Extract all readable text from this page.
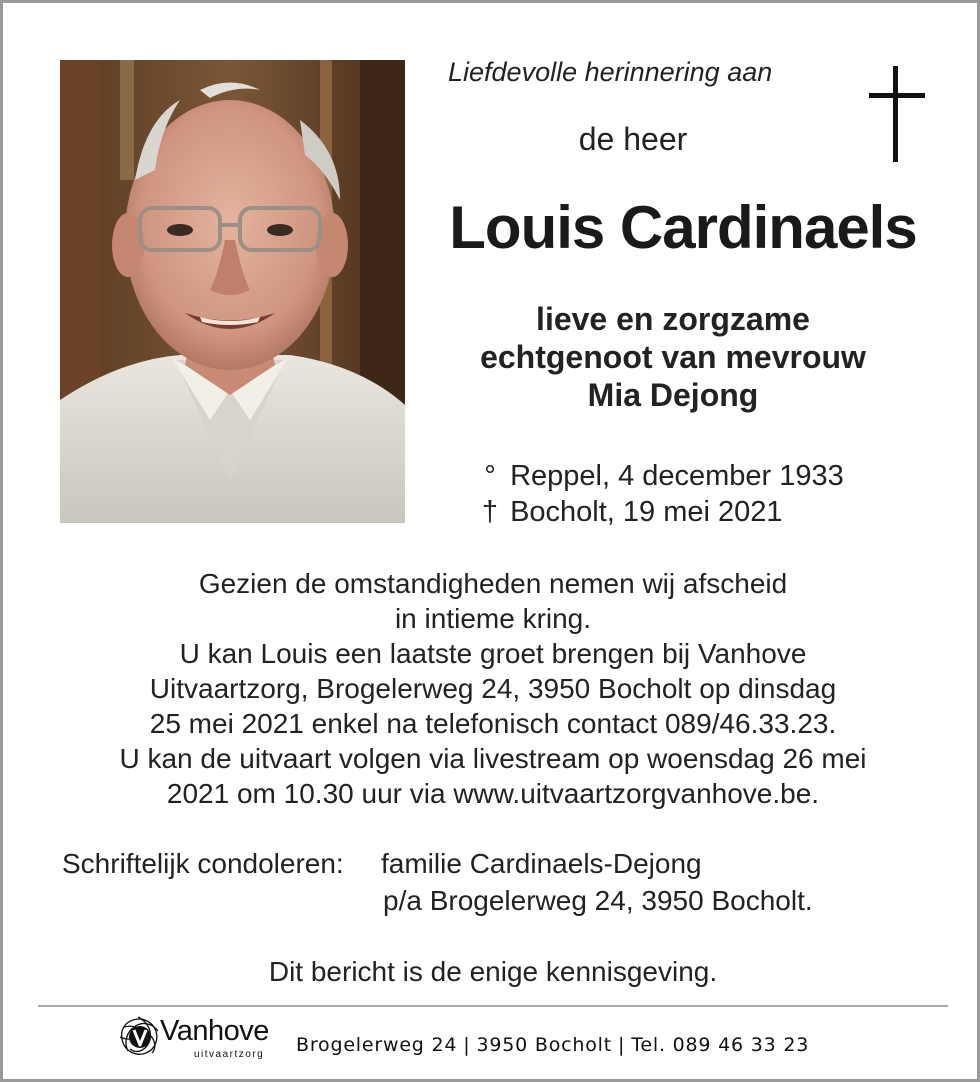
Liefdevolle herinnering aan
de heer
Louis Cardinaels
lieve en zorgzame
echtgenoot van mevrouw
Mia Dejong
° Reppel, 4 december 1933
† Bocholt, 19 mei 2021
Gezien de omstandigheden nemen wij afscheid
in intieme kring.
U kan Louis een laatste groet brengen bij Vanhove
Uitvaartzorg, Brogelerweg 24, 3950 Bocholt op dinsdag
25 mei 2021 enkel na telefonisch contact 089/46.33.23.
U kan de uitvaart volgen via livestream op woensdag 26 mei
2021 om 10.30 uur via www.uitvaartzorgvanhove.be.
Schriftelijk condoleren: familie Cardinaels-Dejong
p/a Brogelerweg 24, 3950 Bocholt.
Dit bericht is de enige kennisgeving.
Vanhove
uitvaartzorg Brogelerweg 24 | 3950 Bocholt | Tel. 089 46 33 23
